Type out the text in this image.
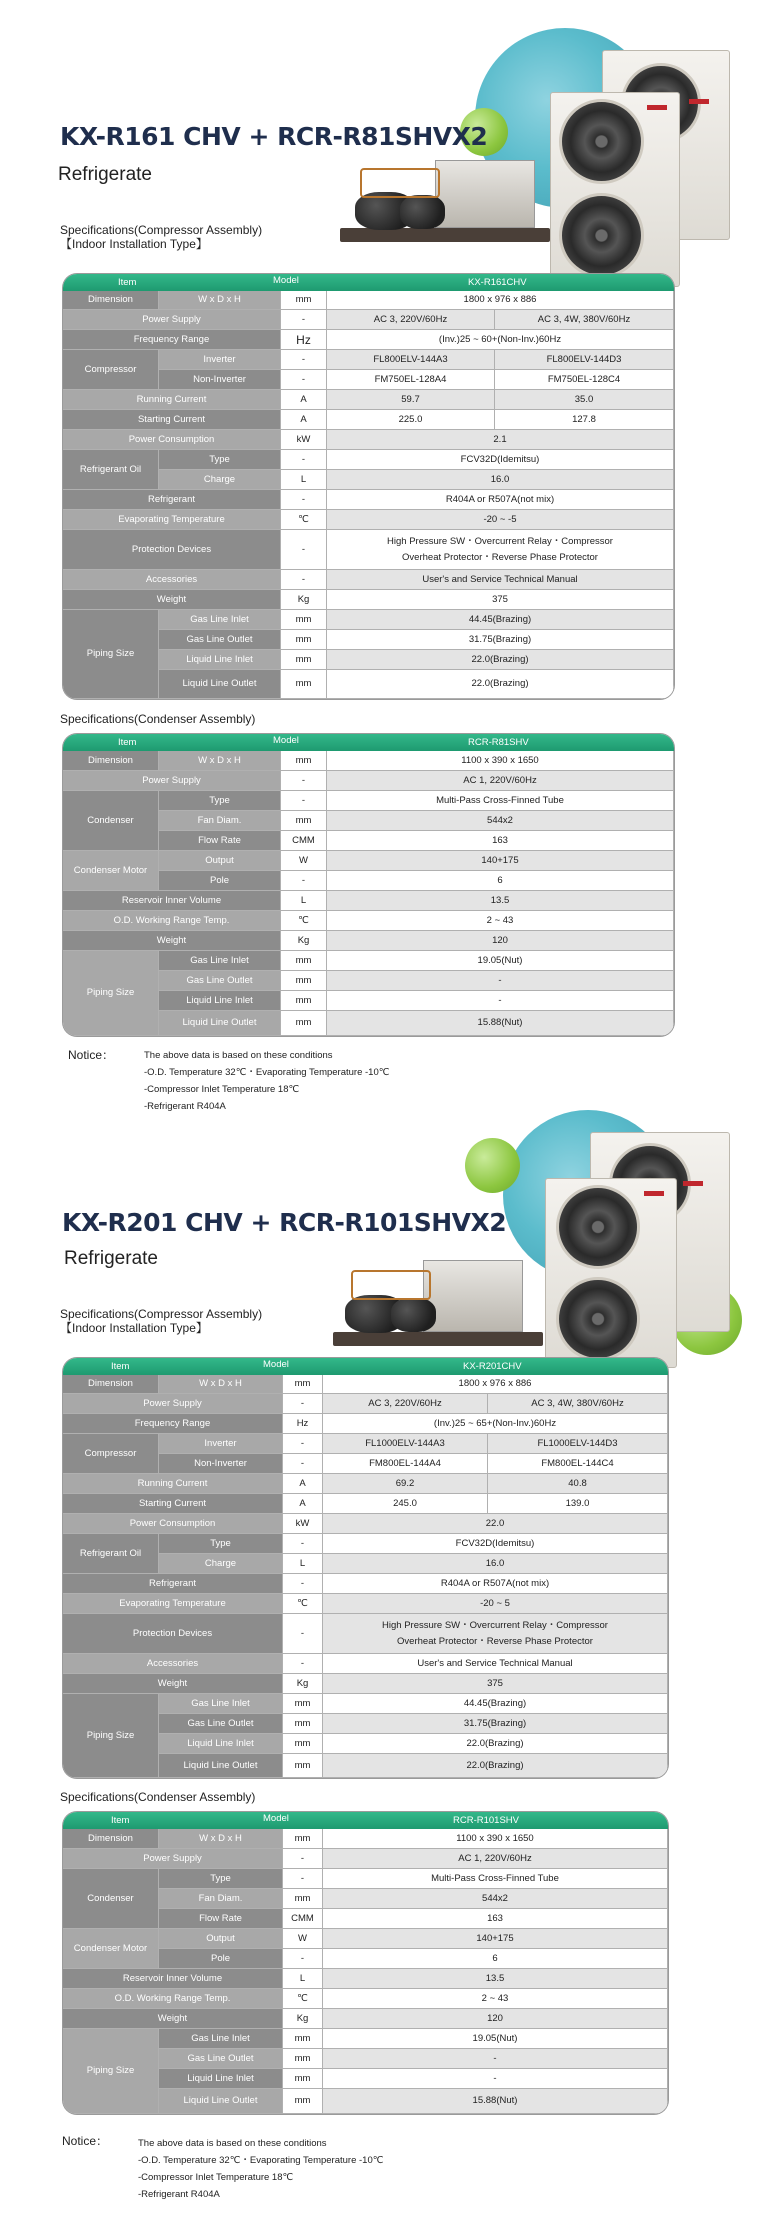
KX-R161 CHV + RCR-R81SHVX2
Refrigerate
Specifications(Compressor Assembly)
【Indoor Installation Type】
Item	Model	KX-R161CHV
Dimension	W x D x H	mm	1800 x 976 x 886
Power Supply	-	AC 3, 220V/60Hz	AC 3, 4W, 380V/60Hz
Frequency Range	Hz	(Inv.)25 ~ 60+(Non-Inv.)60Hz
Compressor
Inverter	-	FL800ELV-144A3	FL800ELV-144D3
Non-Inverter	-	FM750EL-128A4	FM750EL-128C4
Running Current	A	59.7	35.0
Starting Current	A	225.0	127.8
Power Consumption	kW	2.1
Refrigerant Oil
Type	-	FCV32D(Idemitsu)
Charge	L	16.0
Refrigerant	-	R404A or R507A(not mix)
Evaporating Temperature	℃	-20 ~ -5
Protection Devices	-
High Pressure SW・Overcurrent Relay・Compressor
Overheat Protector・Reverse Phase Protector
Accessories	-	User's and Service Technical Manual
Weight	Kg	375
Piping Size
Gas Line Inlet	mm	44.45(Brazing)
Gas Line Outlet	mm	31.75(Brazing)
Liquid Line Inlet	mm	22.0(Brazing)
Liquid Line Outlet	mm	22.0(Brazing)
Specifications(Condenser Assembly)
Item	Model	RCR-R81SHV
Dimension	W x D x H	mm	1100 x 390 x 1650
Power Supply	-	AC 1, 220V/60Hz
Condenser
Type	-	Multi-Pass Cross-Finned Tube
Fan Diam.	mm	544x2
Flow Rate	CMM	163
Condenser Motor
Output	W	140+175
Pole	-	6
Reservoir Inner Volume	L	13.5
O.D. Working Range Temp.	℃	2 ~ 43
Weight	Kg	120
Piping Size
Gas Line Inlet	mm	19.05(Nut)
Gas Line Outlet	mm	-
Liquid Line Inlet	mm	-
Liquid Line Outlet	mm	15.88(Nut)
Notice：	The above data is based on these conditions
-O.D. Temperature 32℃・Evaporating Temperature -10℃
-Compressor Inlet Temperature 18℃
-Refrigerant R404A
KX-R201 CHV + RCR-R101SHVX2
Refrigerate
Specifications(Compressor Assembly)
【Indoor Installation Type】
Item	Model	KX-R201CHV
Dimension	W x D x H	mm	1800 x 976 x 886
Power Supply	-	AC 3, 220V/60Hz	AC 3, 4W, 380V/60Hz
Frequency Range	Hz	(Inv.)25 ~ 65+(Non-Inv.)60Hz
Compressor
Inverter	-	FL1000ELV-144A3	FL1000ELV-144D3
Non-Inverter	-	FM800EL-144A4	FM800EL-144C4
Running Current	A	69.2	40.8
Starting Current	A	245.0	139.0
Power Consumption	kW	22.0
Refrigerant Oil
Type	-	FCV32D(Idemitsu)
Charge	L	16.0
Refrigerant	-	R404A or R507A(not mix)
Evaporating Temperature	℃	-20 ~ 5
Protection Devices	-
High Pressure SW・Overcurrent Relay・Compressor
Overheat Protector・Reverse Phase Protector
Accessories	-	User's and Service Technical Manual
Weight	Kg	375
Piping Size
Gas Line Inlet	mm	44.45(Brazing)
Gas Line Outlet	mm	31.75(Brazing)
Liquid Line Inlet	mm	22.0(Brazing)
Liquid Line Outlet	mm	22.0(Brazing)
Specifications(Condenser Assembly)
Item	Model	RCR-R101SHV
Dimension	W x D x H	mm	1100 x 390 x 1650
Power Supply	-	AC 1, 220V/60Hz
Condenser
Type	-	Multi-Pass Cross-Finned Tube
Fan Diam.	mm	544x2
Flow Rate	CMM	163
Condenser Motor
Output	W	140+175
Pole	-	6
Reservoir Inner Volume	L	13.5
O.D. Working Range Temp.	℃	2 ~ 43
Weight	Kg	120
Piping Size
Gas Line Inlet	mm	19.05(Nut)
Gas Line Outlet	mm	-
Liquid Line Inlet	mm	-
Liquid Line Outlet	mm	15.88(Nut)
Notice：	The above data is based on these conditions
-O.D. Temperature 32℃・Evaporating Temperature -10℃
-Compressor Inlet Temperature 18℃
-Refrigerant R404A
